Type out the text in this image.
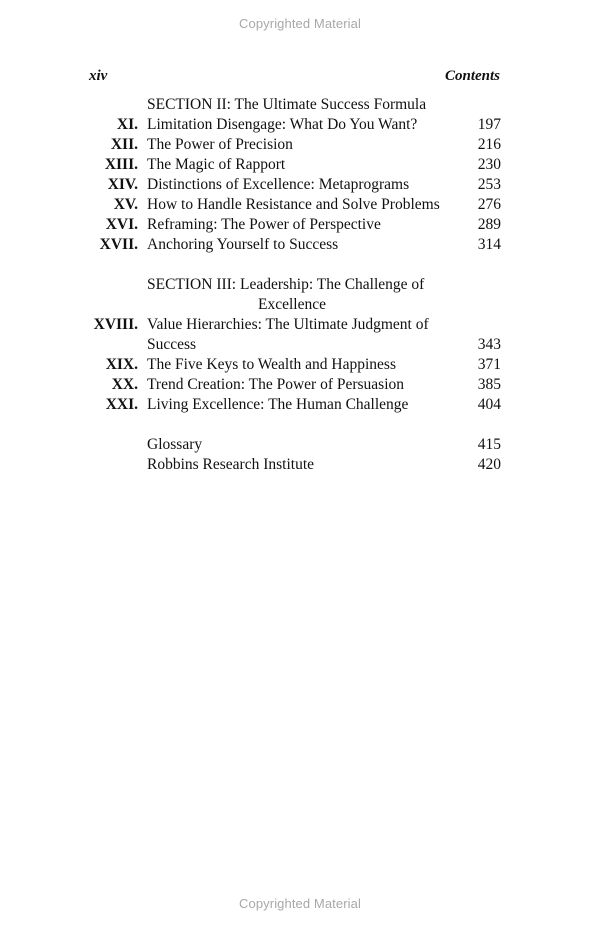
Copyrighted Material
xiv	Contents
SECTION II: The Ultimate Success Formula
XI. Limitation Disengage: What Do You Want?	197
XII. The Power of Precision	216
XIII. The Magic of Rapport	230
XIV. Distinctions of Excellence: Metaprograms	253
XV. How to Handle Resistance and Solve Problems 276
XVI. Reframing: The Power of Perspective	289
XVII. Anchoring Yourself to Success	314
SECTION III: Leadership: The Challenge of
Excellence
XVIII. Value Hierarchies: The Ultimate Judgment of
Success	343
XIX. The Five Keys to Wealth and Happiness	371
XX. Trend Creation: The Power of Persuasion	385
XXI. Living Excellence: The Human Challenge	404
Glossary	415
Robbins Research Institute	420
Copyrighted Material
